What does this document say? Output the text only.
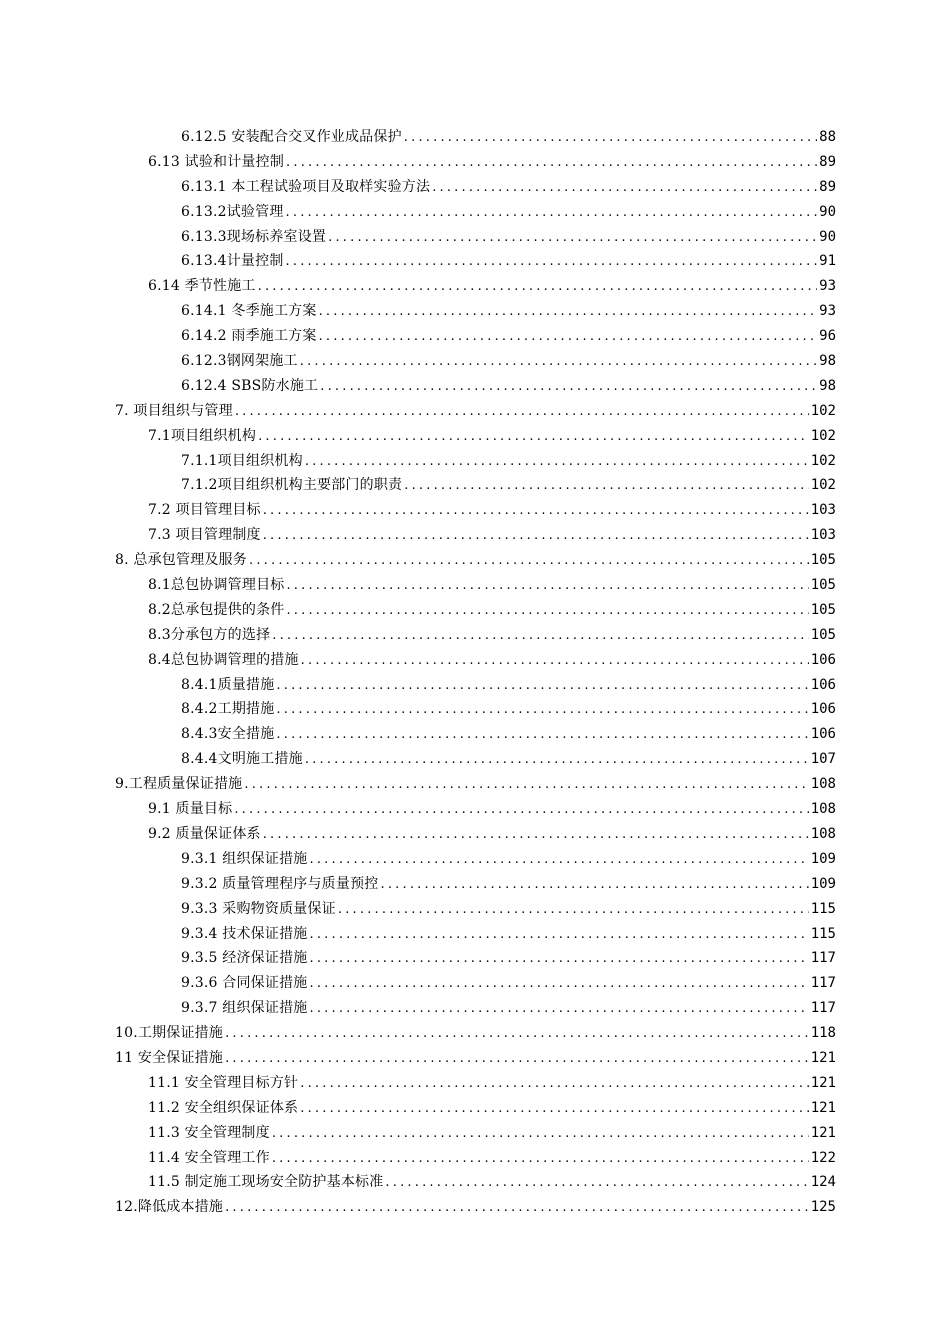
6.12.5 安装配合交叉作业成品保护 .....	88
6.13 试验和计量控制 .....	89
6.13.1 本工程试验项目及取样实验方法 .....	89
6.13.2试验管理 .....	90
6.13.3现场标养室设置 .....	90
6.13.4计量控制 .....	91
6.14 季节性施工 .....	93
6.14.1 冬季施工方案 .....	93
6.14.2 雨季施工方案 .....	96
6.12.3钢网架施工 .....	98
6.12.4 SBS防水施工 .....	98
7. 项目组织与管理 .....	102
7.1项目组织机构 .....	102
7.1.1项目组织机构 .....	102
7.1.2项目组织机构主要部门的职责 .....	102
7.2 项目管理目标 .....	103
7.3 项目管理制度 .....	103
8. 总承包管理及服务 .....	105
8.1总包协调管理目标 .....	105
8.2总承包提供的条件 .....	105
8.3分承包方的选择 .....	105
8.4总包协调管理的措施 .....	106
8.4.1质量措施 .....	106
8.4.2工期措施 .....	106
8.4.3安全措施 .....	106
8.4.4文明施工措施 .....	107
9.工程质量保证措施 .....	108
9.1 质量目标 .....	108
9.2 质量保证体系 .....	108
9.3.1 组织保证措施 .....	109
9.3.2 质量管理程序与质量预控 .....	109
9.3.3 采购物资质量保证 .....	115
9.3.4 技术保证措施 .....	115
9.3.5 经济保证措施 .....	117
9.3.6 合同保证措施 .....	117
9.3.7 组织保证措施 .....	117
10.工期保证措施 .....	118
11 安全保证措施 .....	121
11.1 安全管理目标方针 .....	121
11.2 安全组织保证体系 .....	121
11.3 安全管理制度 .....	121
11.4 安全管理工作 .....	122
11.5 制定施工现场安全防护基本标准 .....	124
12.降低成本措施 .....	125
